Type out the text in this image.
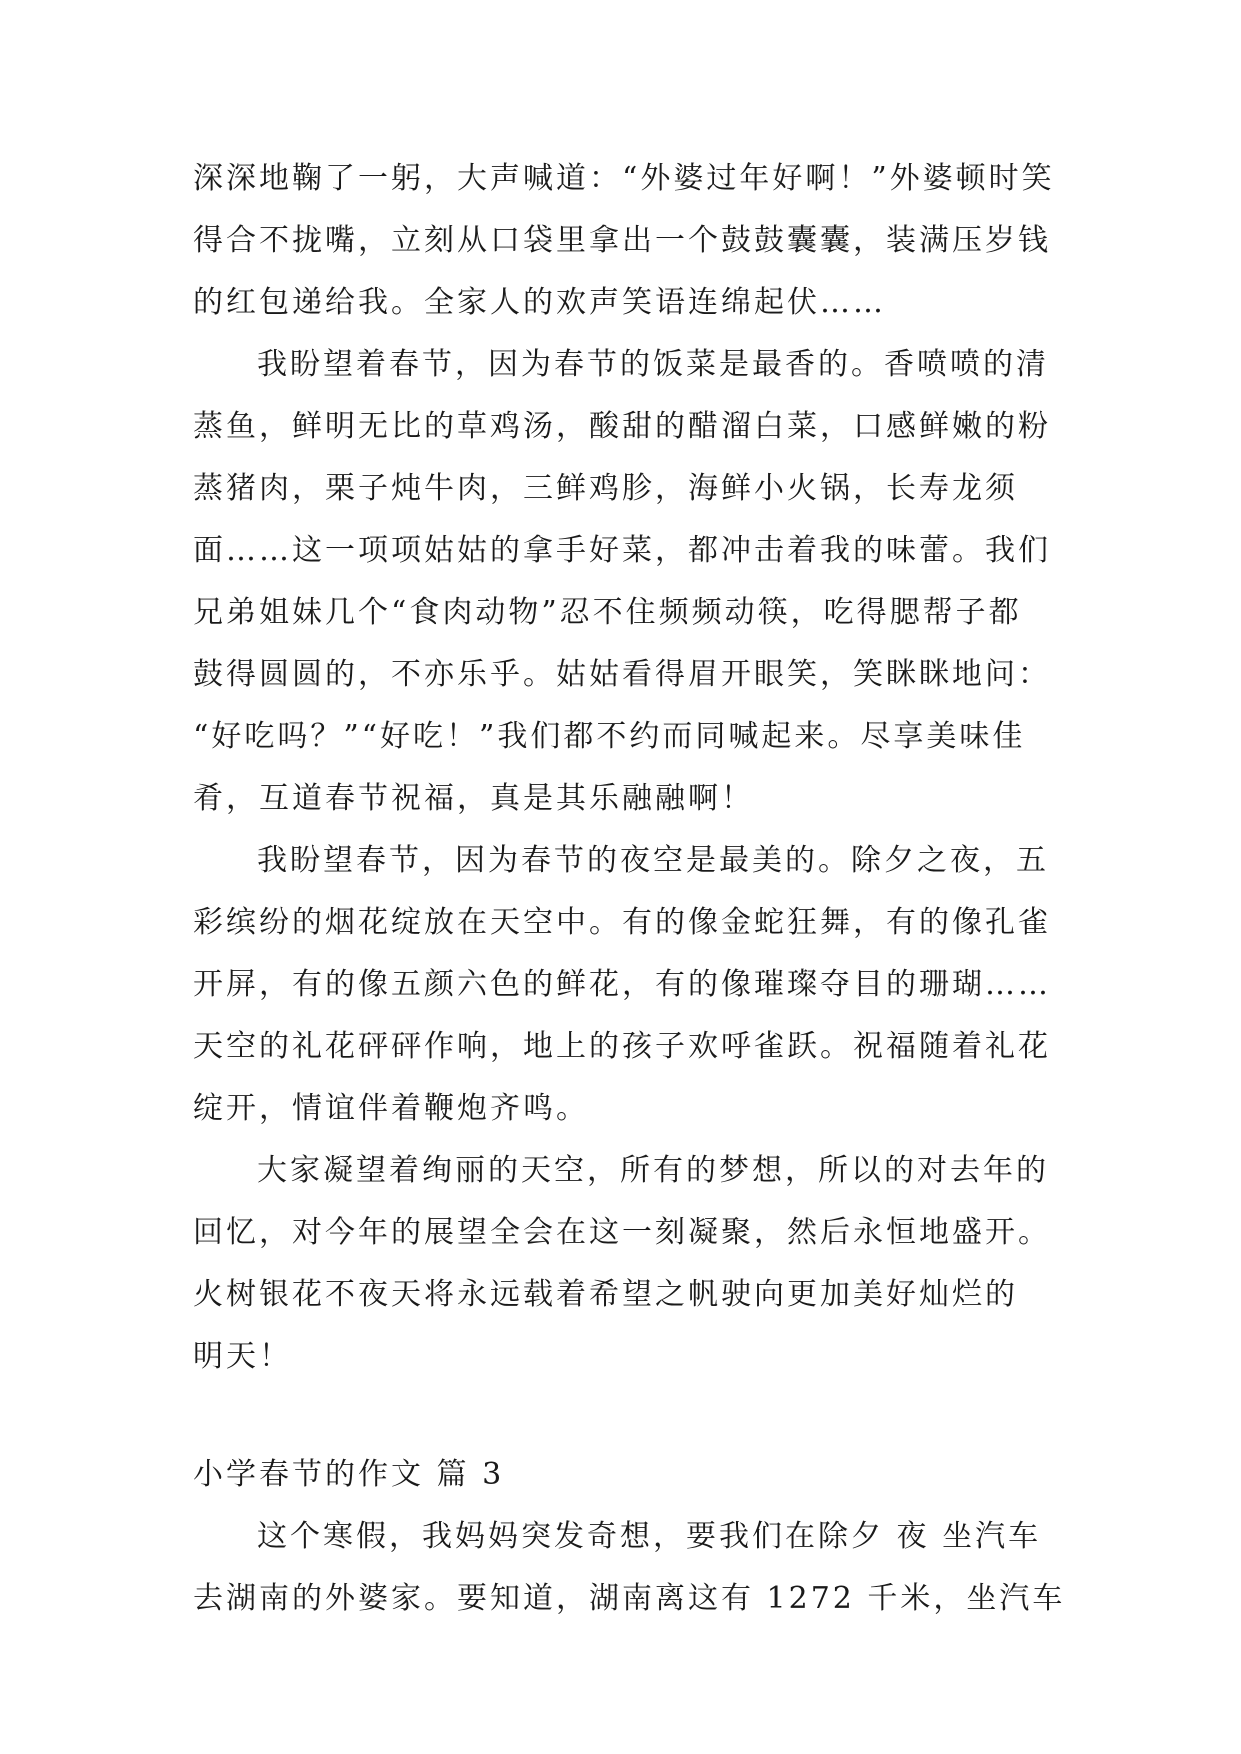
深深地鞠了一躬，大声喊道：“外婆过年好啊！”外婆顿时笑
得合不拢嘴，立刻从口袋里拿出一个鼓鼓囊囊，装满压岁钱
的红包递给我。全家人的欢声笑语连绵起伏……
我盼望着春节，因为春节的饭菜是最香的。香喷喷的清
蒸鱼，鲜明无比的草鸡汤，酸甜的醋溜白菜，口感鲜嫩的粉
蒸猪肉，栗子炖牛肉，三鲜鸡胗，海鲜小火锅，长寿龙须
面……这一项项姑姑的拿手好菜，都冲击着我的味蕾。我们
兄弟姐妹几个“食肉动物”忍不住频频动筷，吃得腮帮子都
鼓得圆圆的，不亦乐乎。姑姑看得眉开眼笑，笑眯眯地问：
“好吃吗？”“好吃！”我们都不约而同喊起来。尽享美味佳
肴，互道春节祝福，真是其乐融融啊！
我盼望春节，因为春节的夜空是最美的。除夕之夜，五
彩缤纷的烟花绽放在天空中。有的像金蛇狂舞，有的像孔雀
开屏，有的像五颜六色的鲜花，有的像璀璨夺目的珊瑚……
天空的礼花砰砰作响，地上的孩子欢呼雀跃。祝福随着礼花
绽开，情谊伴着鞭炮齐鸣。
大家凝望着绚丽的天空，所有的梦想，所以的对去年的
回忆，对今年的展望全会在这一刻凝聚，然后永恒地盛开。
火树银花不夜天将永远载着希望之帆驶向更加美好灿烂的
明天！
小学春节的作文 篇 3
这个寒假，我妈妈突发奇想，要我们在除夕 夜 坐汽车
去湖南的外婆家。要知道，湖南离这有 1272 千米，坐汽车
